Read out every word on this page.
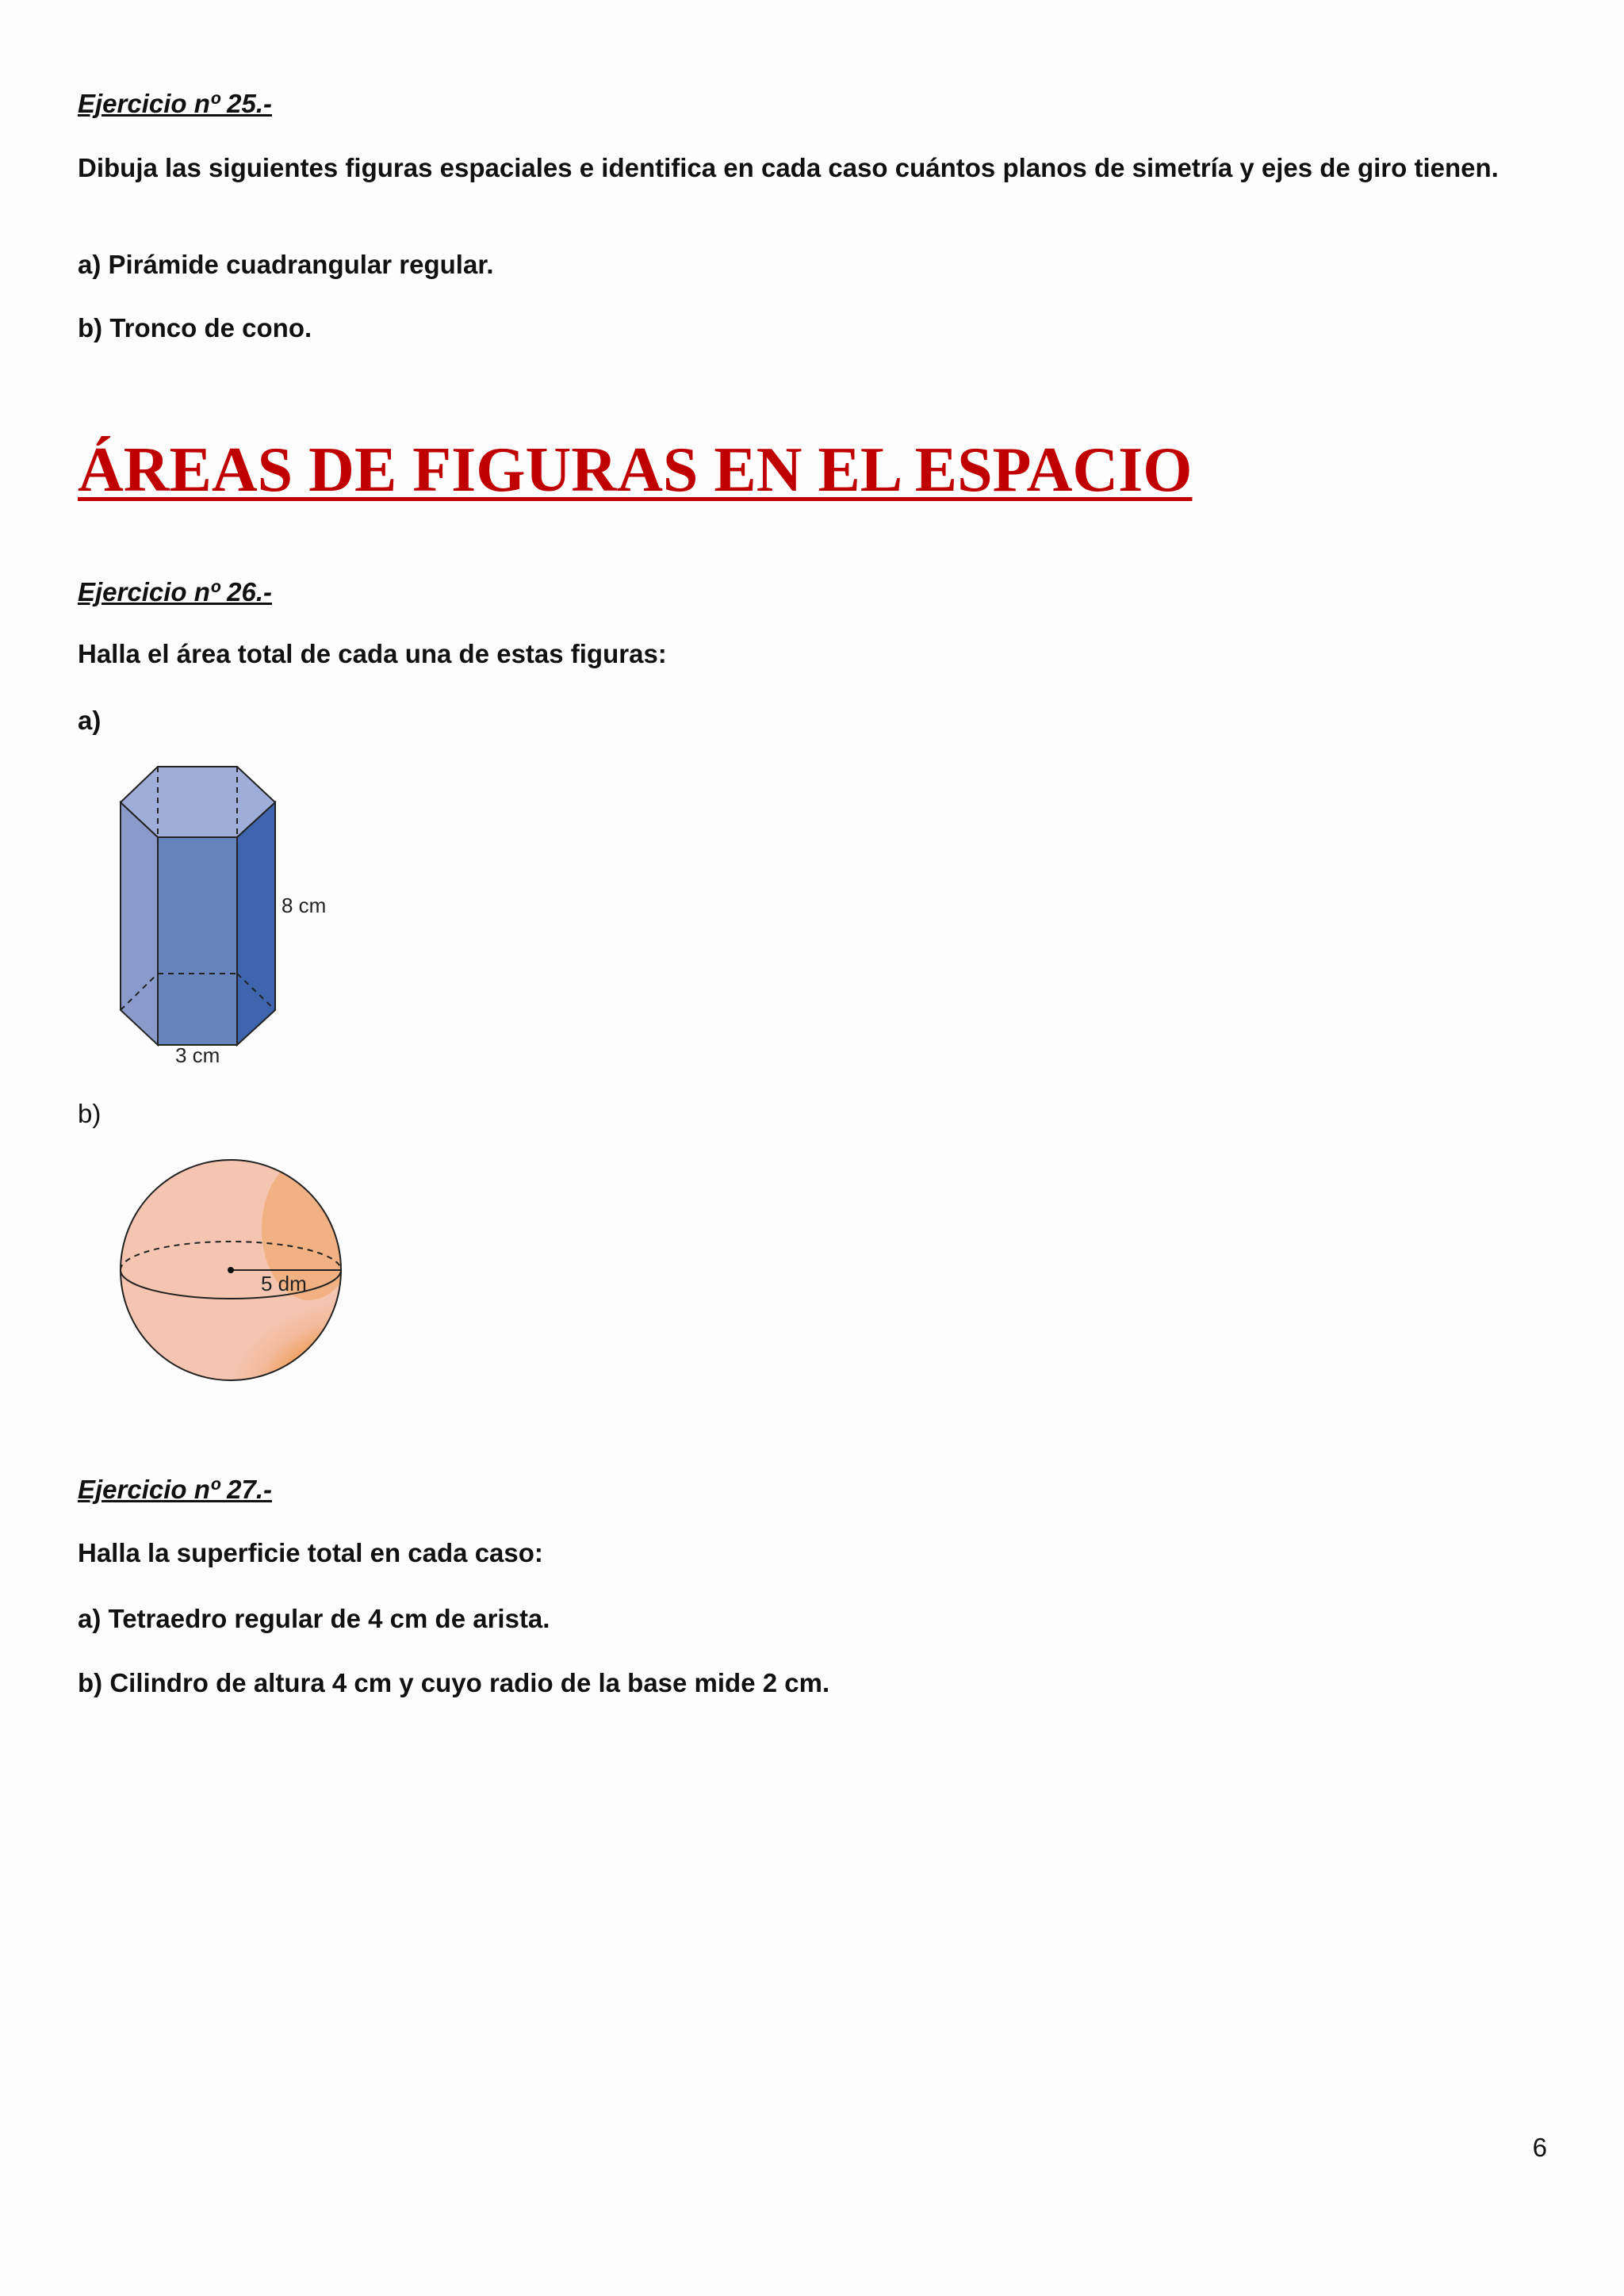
Ejercicio nº 25.-
Dibuja las siguientes figuras espaciales e identifica en cada caso cuántos planos de simetría y ejes de giro tienen.
a) Pirámide cuadrangular regular.
b) Tronco de cono.
ÁREAS DE FIGURAS EN EL ESPACIO
Ejercicio nº 26.-
Halla el área total de cada una de estas figuras:
a)
8 cm
3 cm
b)
5 dm
Ejercicio nº 27.-
Halla la superficie total en cada caso:
a) Tetraedro regular de 4 cm de arista.
b) Cilindro de altura 4 cm y cuyo radio de la base mide 2 cm.
6
